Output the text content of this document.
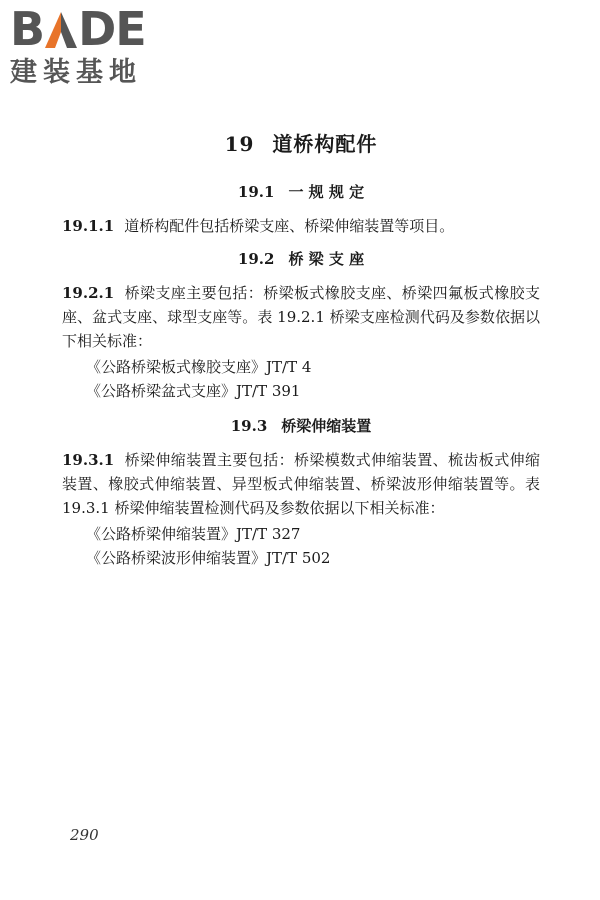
B DE
建装基地
19 道桥构配件
19.1 一 规 规 定

19.1.1 道桥构配件包括桥梁支座、桥梁伸缩装置等项目。

19.2 桥 梁 支 座

19.2.1 桥梁支座主要包括：桥梁板式橡胶支座、桥梁四氟板式橡胶支座、盆式支座、球型支座等。表 19.2.1 桥梁支座检测代码及参数依据以下相关标准：

《公路桥梁板式橡胶支座》JT/T 4

《公路桥梁盆式支座》JT/T 391

19.3 桥梁伸缩装置

19.3.1 桥梁伸缩装置主要包括：桥梁模数式伸缩装置、梳齿板式伸缩装置、橡胶式伸缩装置、异型板式伸缩装置、桥梁波形伸缩装置等。表 19.3.1 桥梁伸缩装置检测代码及参数依据以下相关标准：

《公路桥梁伸缩装置》JT/T 327

《公路桥梁波形伸缩装置》JT/T 502

290
